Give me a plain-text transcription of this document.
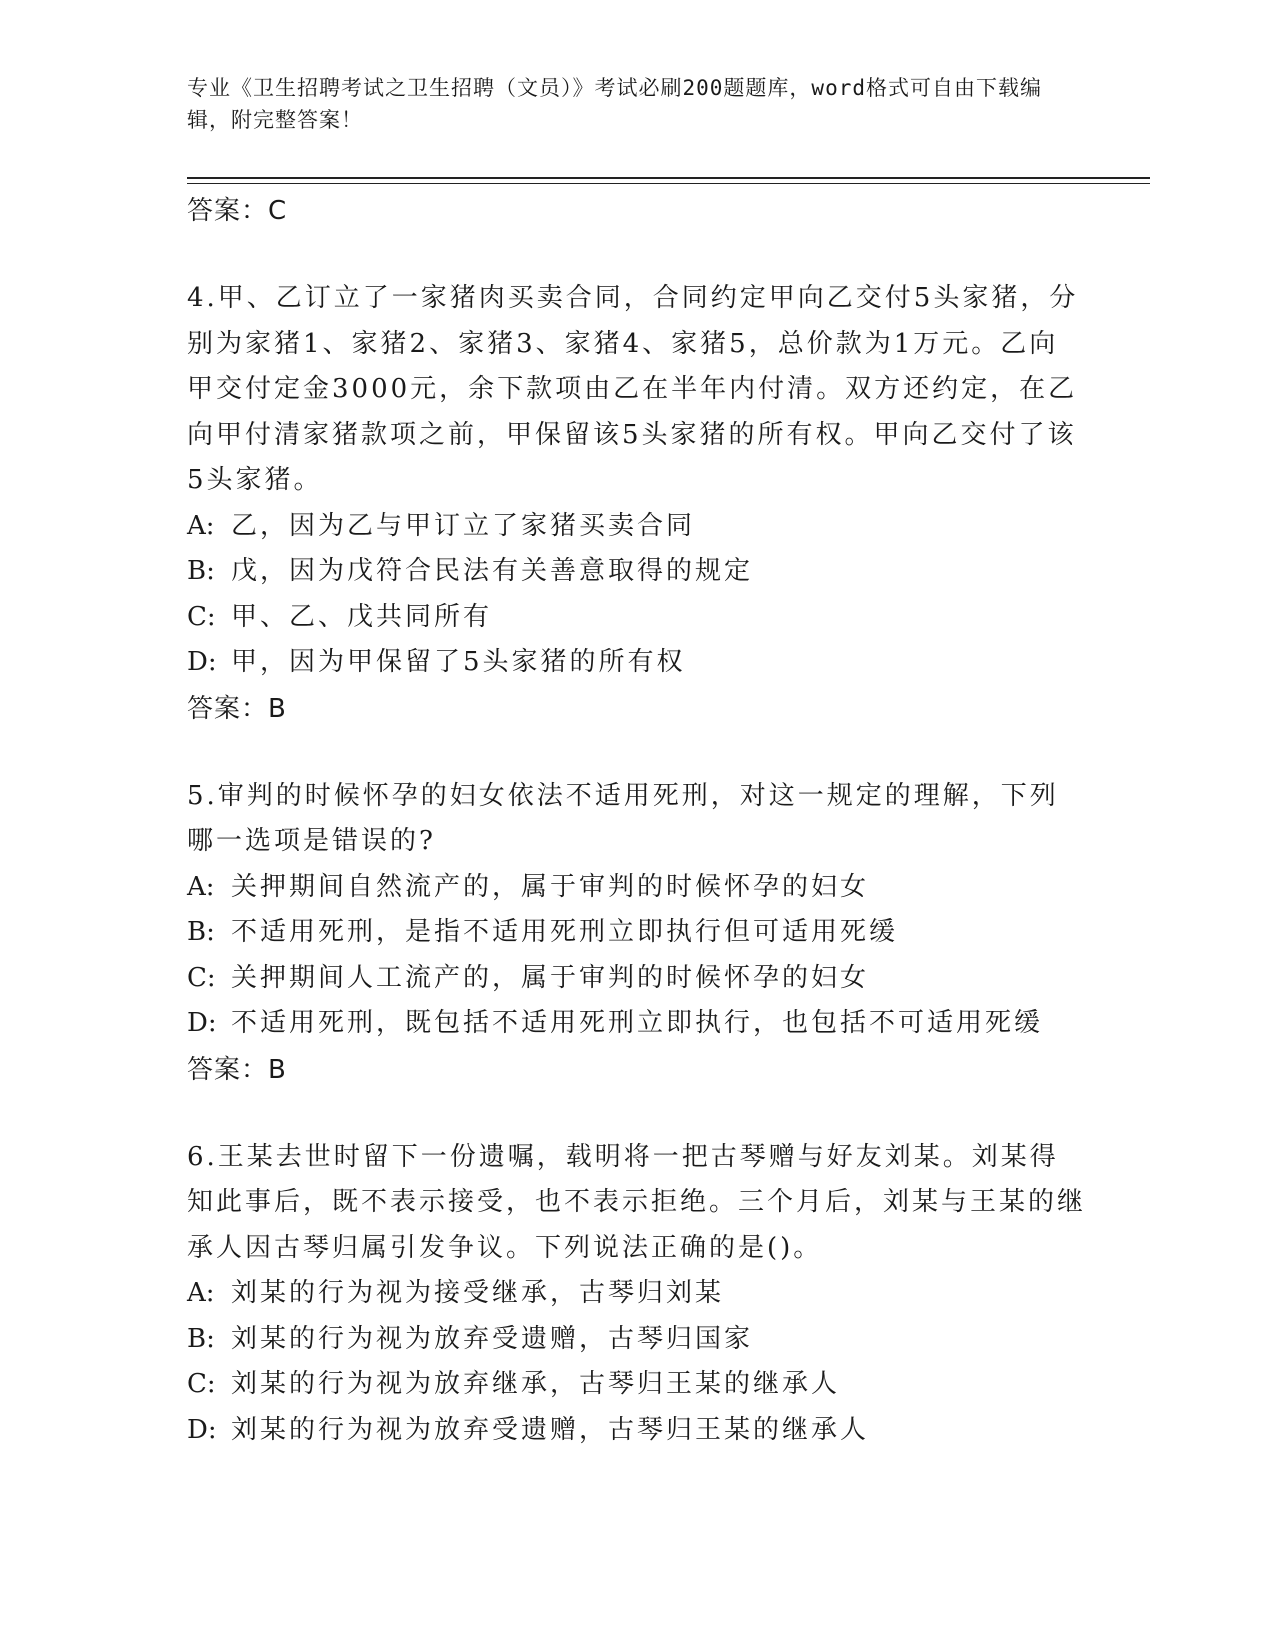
专业《卫生招聘考试之卫生招聘（文员）》考试必刷200题题库，word格式可自由下载编辑，附完整答案！
答案：C
4.甲、乙订立了一家猪肉买卖合同，合同约定甲向乙交付5头家猪，分别为家猪1、家猪2、家猪3、家猪4、家猪5，总价款为1万元。乙向甲交付定金3000元，余下款项由乙在半年内付清。双方还约定，在乙向甲付清家猪款项之前，甲保留该5头家猪的所有权。甲向乙交付了该5头家猪。
A: 乙，因为乙与甲订立了家猪买卖合同
B: 戊，因为戊符合民法有关善意取得的规定
C: 甲、乙、戊共同所有
D: 甲，因为甲保留了5头家猪的所有权
答案：B
5.审判的时候怀孕的妇女依法不适用死刑，对这一规定的理解，下列哪一选项是错误的?
A: 关押期间自然流产的，属于审判的时候怀孕的妇女
B: 不适用死刑，是指不适用死刑立即执行但可适用死缓
C: 关押期间人工流产的，属于审判的时候怀孕的妇女
D: 不适用死刑，既包括不适用死刑立即执行，也包括不可适用死缓
答案：B
6.王某去世时留下一份遗嘱，载明将一把古琴赠与好友刘某。刘某得知此事后，既不表示接受，也不表示拒绝。三个月后，刘某与王某的继承人因古琴归属引发争议。下列说法正确的是()。
A: 刘某的行为视为接受继承，古琴归刘某
B: 刘某的行为视为放弃受遗赠，古琴归国家
C: 刘某的行为视为放弃继承，古琴归王某的继承人
D: 刘某的行为视为放弃受遗赠，古琴归王某的继承人
